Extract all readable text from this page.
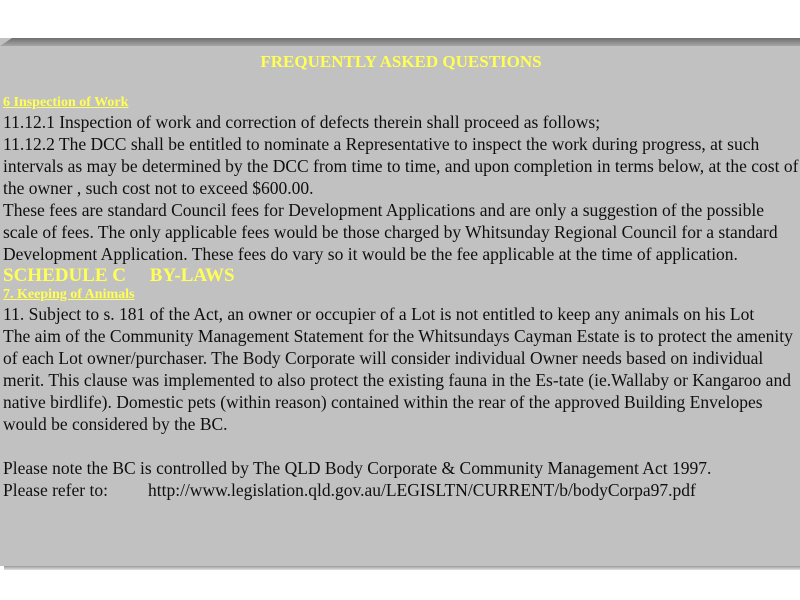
FREQUENTLY ASKED QUESTIONS
6 Inspection of Work

11.12.1 Inspection of work and correction of defects therein shall proceed as follows;

11.12.2 The DCC shall be entitled to nominate a Representative to inspect the work during progress, at such intervals as may be determined by the DCC from time to time, and upon completion in terms below, at the cost of the owner , such cost not to exceed $600.00.

These fees are standard Council fees for Development Applications and are only a suggestion of the possible scale of fees. The only applicable fees would be those charged by Whitsunday Regional Council for a standard Development Application. These fees do vary so it would be the fee applicable at the time of application.

SCHEDULE C     BY-LAWS
7. Keeping of Animals

11. Subject to s. 181 of the Act, an owner or occupier of a Lot is not entitled to keep any animals on his Lot

The aim of the Community Management Statement for the Whitsundays Cayman Estate is to protect the amenity of each Lot owner/purchaser. The Body Corporate will consider individual Owner needs based on individual merit. This clause was implemented to also protect the existing fauna in the Es-tate (ie.Wallaby or Kangaroo and native birdlife). Domestic pets (within reason) contained within the rear of the approved Building Envelopes would be considered by the BC.

Please note the BC is controlled by The QLD Body Corporate & Community Management Act 1997.

Please refer to: http://www.legislation.qld.gov.au/LEGISLTN/CURRENT/b/bodyCorpa97.pdf
